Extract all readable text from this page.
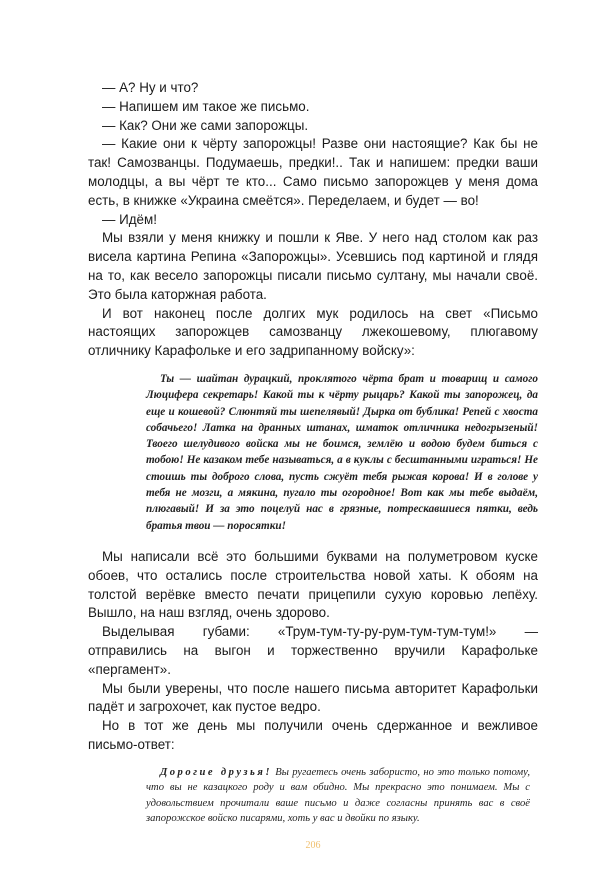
— А? Ну и что?

— Напишем им такое же письмо.

— Как? Они же сами запорожцы.

— Какие они к чёрту запорожцы! Разве они настоящие? Как бы не так! Самозванцы. Подумаешь, предки!.. Так и напишем: предки ваши молодцы, а вы чёрт те кто... Само письмо запорожцев у меня дома есть, в книжке «Украина смеётся». Переделаем, и будет — во!

— Идём!

Мы взяли у меня книжку и пошли к Яве. У него над столом как раз висела картина Репина «Запорожцы». Усевшись под картиной и глядя на то, как весело запорожцы писали письмо султану, мы начали своё. Это была каторжная работа.

И вот наконец после долгих мук родилось на свет «Письмо настоящих запорожцев самозванцу лжекошевому, плюгавому отличнику Карафольке и его задрипанному войску»:

Ты — шайтан дурацкий, проклятого чёрта брат и товарищ и самого Люцифера секретарь! Какой ты к чёрту рыцарь? Какой ты запорожец, да еще и кошевой? Слюнтяй ты шепелявый! Дырка от бублика! Репей с хвоста собачьего! Латка на дранных штанах, шматок отличника недогрызеный! Твоего шелудивого войска мы не боимся, землёю и водою будем биться с тобою! Не казаком тебе называться, а в куклы с бесштанными играться! Не стоишь ты доброго слова, пусть сжуёт тебя рыжая корова! И в голове у тебя не мозги, а мякина, пугало ты огородное! Вот как мы тебе выдаём, плюгавый! И за это поцелуй нас в грязные, потрескавшиеся пятки, ведь братья твои — поросятки!

Мы написали всё это большими буквами на полуметровом куске обоев, что остались после строительства новой хаты. К обоям на толстой верёвке вместо печати прицепили сухую коровью лепёху. Вышло, на наш взгляд, очень здорово.

Выделывая губами: «Трум-тум-ту-ру-рум-тум-тум-тум!» — отправились на выгон и торжественно вручили Карафольке «пергамент».

Мы были уверены, что после нашего письма авторитет Карафольки падёт и загрохочет, как пустое ведро.

Но в тот же день мы получили очень сдержанное и вежливое письмо-ответ:

Дорогие друзья! Вы ругаетесь очень забористо, но это только потому, что вы не казацкого роду и вам обидно. Мы прекрасно это понимаем. Мы с удовольствием прочитали ваше письмо и даже согласны принять вас в своё запорожское войско писарями, хоть у вас и двойки по языку.
206
